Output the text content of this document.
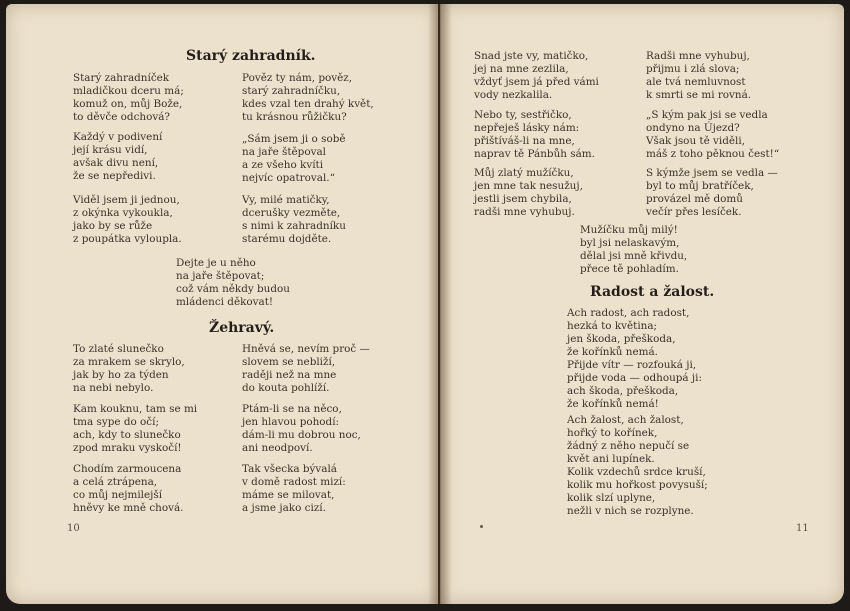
Starý zahradník.
Starý zahradníček
mladičkou dceru má;
komuž on, můj Bože,
to děvče odchová?
Každý v podivení
její krásu vidí,
avšak divu není,
že se nepředivi.
Viděl jsem ji jednou,
z okýnka vykoukla,
jako by se růže
z poupátka vyloupla.
Pověz ty nám, pověz,
starý zahradníčku,
kdes vzal ten drahý květ,
tu krásnou růžičku?
„Sám jsem ji o sobě
na jaře štěpoval
a ze všeho kvíti
nejvíc opatroval.“
Vy, milé matičky,
dcerušky vezměte,
s nimi k zahradníku
starému dojděte.
Dejte je u něho
na jaře štěpovat;
což vám někdy budou
mládenci děkovat!
Žehravý.
To zlaté slunečko
za mrakem se skrylo,
jak by ho za týden
na nebi nebylo.
Kam kouknu, tam se mi
tma sype do očí;
ach, kdy to slunečko
zpod mraku vyskočí!
Chodím zarmoucena
a celá ztrápena,
co můj nejmilejší
hněvy ke mně chová.
Hněvá se, nevím proč —
slovem se nebliží,
raději než na mne
do kouta pohlíží.
Ptám-li se na něco,
jen hlavou pohodí:
dám-li mu dobrou noc,
ani neodpoví.
Tak všecka bývalá
v domě radost mizí:
máme se milovat,
a jsme jako cizí.
10
Snad jste vy, matičko,
jej na mne zezlila,
vždyť jsem já před vámi
vody nezkalila.
Nebo ty, sestřičko,
nepřeješ lásky nám:
přištíváš-li na mne,
naprav tě Pánbůh sám.
Můj zlatý mužíčku,
jen mne tak nesužuj,
jestli jsem chybila,
radši mne vyhubuj.
Radši mne vyhubuj,
přijmu i zlá slova;
ale tvá nemluvnost
k smrti se mi rovná.
„S kým pak jsi se vedla
ondyno na Újezd?
Však jsou tě viděli,
máš z toho pěknou čest!“
S kýmže jsem se vedla —
byl to můj bratříček,
provázel mě domů
večír přes lesíček.
Mužíčku můj milý!
byl jsi nelaskavým,
dělal jsi mně křivdu,
přece tě pohladím.
Radost a žalost.
Ach radost, ach radost,
hezká to květina;
jen škoda, přeškoda,
že kořínků nemá.
Přijde vítr — rozfouká ji,
přijde voda — odhoupá ji:
ach škoda, přeškoda,
že kořínků nemá!
Ach žalost, ach žalost,
hořký to kořínek,
žádný z něho nepučí se
květ ani lupínek.
Kolik vzdechů srdce kruší,
kolik mu hořkost povysuší;
kolik slzí uplyne,
nežli v nich se rozplyne.
11
